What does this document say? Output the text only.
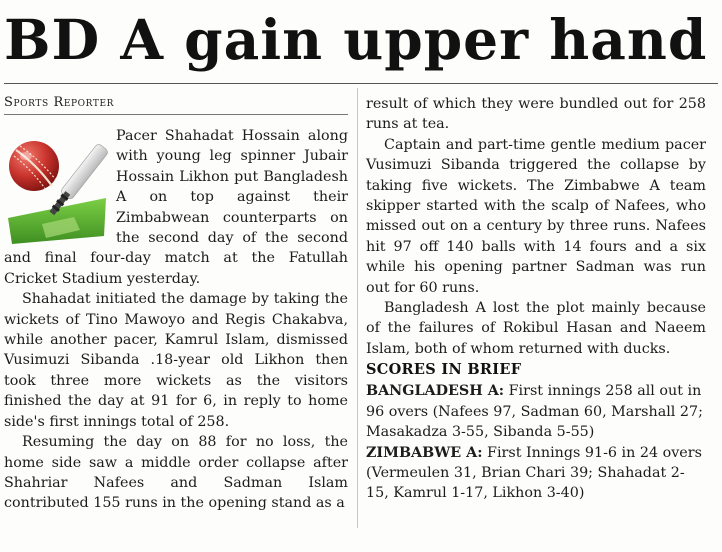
BD A gain upper hand
Sports Reporter

Pacer Shahadat Hossain along with young leg spinner Jubair Hossain Likhon put Bangladesh A on top against their Zimbabwean counterparts on the second day of the second and final four-day match at the Fatullah Cricket Stadium yesterday.

Shahadat initiated the damage by taking the wickets of Tino Mawoyo and Regis Chakabva, while another pacer, Kamrul Islam, dismissed Vusimuzi Sibanda .18-year old Likhon then took three more wickets as the visitors finished the day at 91 for 6, in reply to home side's first innings total of 258.

Resuming the day on 88 for no loss, the home side saw a middle order collapse after Shahriar Nafees and Sadman Islam contributed 155 runs in the opening stand as a

result of which they were bundled out for 258 runs at tea.

Captain and part-time gentle medium pacer Vusimuzi Sibanda triggered the collapse by taking five wickets. The Zimbabwe A team skipper started with the scalp of Nafees, who missed out on a century by three runs. Nafees hit 97 off 140 balls with 14 fours and a six while his opening partner Sadman was run out for 60 runs.

Bangladesh A lost the plot mainly because of the failures of Rokibul Hasan and Naeem Islam, both of whom returned with ducks.

SCORES IN BRIEF

BANGLADESH A: First innings 258 all out in 96 overs (Nafees 97, Sadman 60, Marshall 27; Masakadza 3-55, Sibanda 5-55)

ZIMBABWE A: First Innings 91-6 in 24 overs (Vermeulen 31, Brian Chari 39; Shahadat 2-15, Kamrul 1-17, Likhon 3-40)
